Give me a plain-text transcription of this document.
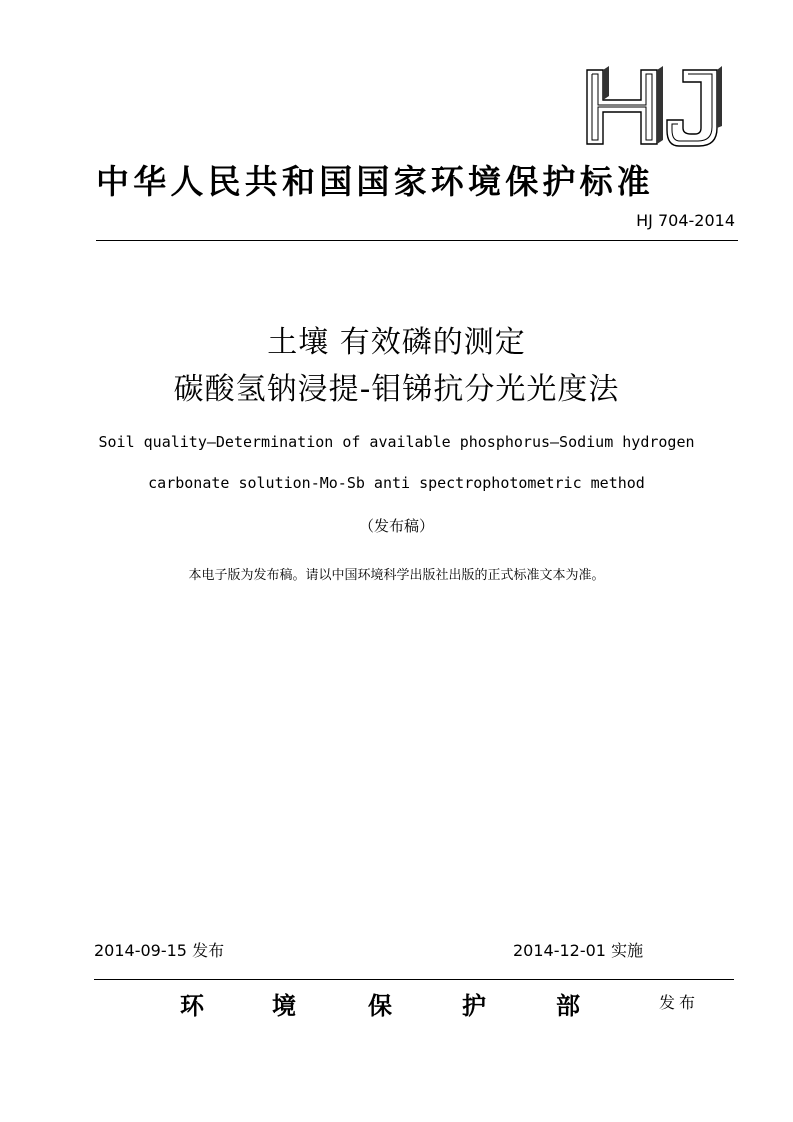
中华人民共和国国家环境保护标准
HJ 704-2014
土壤 有效磷的测定
碳酸氢钠浸提-钼锑抗分光光度法
Soil quality—Determination of available phosphorus—Sodium hydrogen
carbonate solution-Mo-Sb anti spectrophotometric method
（发布稿）
本电子版为发布稿。请以中国环境科学出版社出版的正式标准文本为准。
2014-09-15 发布	2014-12-01 实施
环	境	保	护	部	发布
